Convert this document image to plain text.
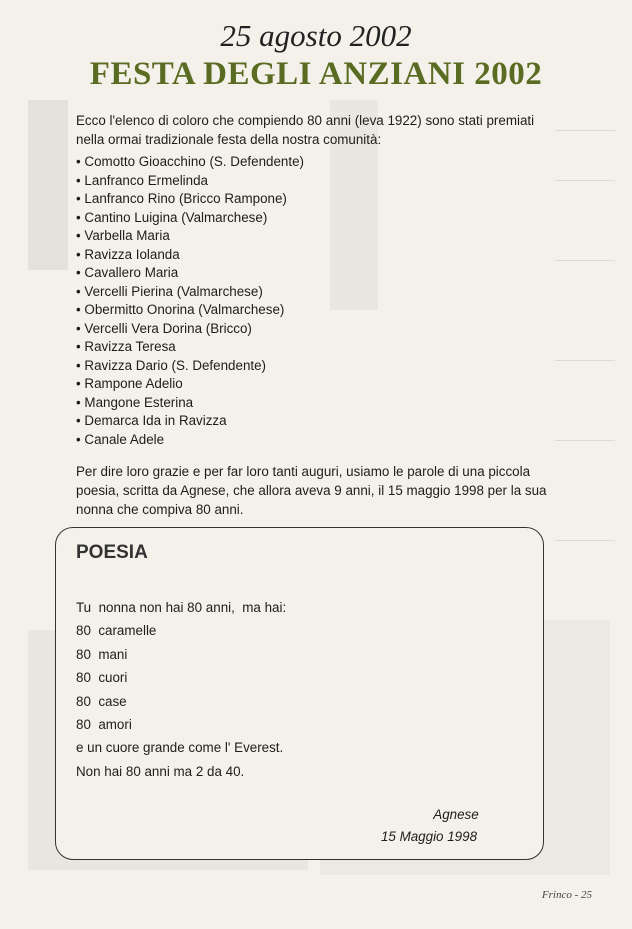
25 agosto 2002
FESTA DEGLI ANZIANI 2002
Ecco l'elenco di coloro che compiendo 80 anni (leva 1922) sono stati premiati nella ormai tradizionale festa della nostra comunità:
• Comotto Gioacchino (S. Defendente)
• Lanfranco Ermelinda
• Lanfranco Rino (Bricco Rampone)
• Cantino Luigina (Valmarchese)
• Varbella Maria
• Ravizza Iolanda
• Cavallero Maria
• Vercelli Pierina (Valmarchese)
• Obermitto Onorina (Valmarchese)
• Vercelli Vera Dorina (Bricco)
• Ravizza Teresa
• Ravizza Dario (S. Defendente)
• Rampone Adelio
• Mangone Esterina
• Demarca Ida in Ravizza
• Canale Adele
Per dire loro grazie e per far loro tanti auguri, usiamo le parole di una piccola poesia, scritta da Agnese, che allora aveva 9 anni, il 15 maggio 1998 per la sua nonna che compiva 80 anni.
POESIA
Tu  nonna non hai 80 anni,  ma hai:
80  caramelle
80  mani
80  cuori
80  case
80  amori
e un cuore grande come l' Everest.
Non hai 80 anni ma 2 da 40.
Agnese
15 Maggio 1998
Frinco - 25
